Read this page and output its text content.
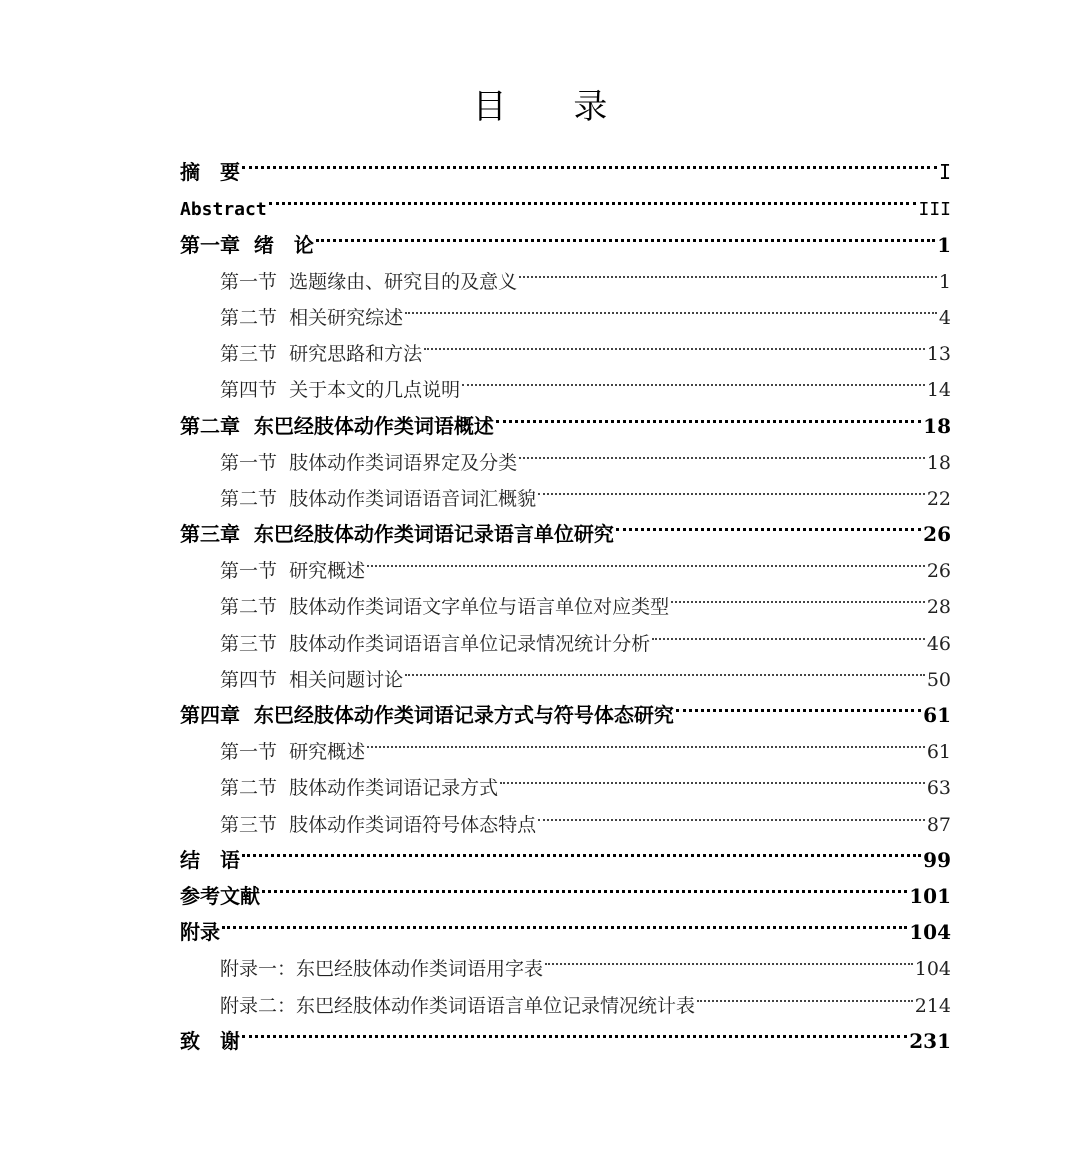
目 录
摘　要	I
Abstract	III
第一章  绪　论	1
第一节  选题缘由、研究目的及意义	1
第二节  相关研究综述	4
第三节  研究思路和方法	13
第四节  关于本文的几点说明	14
第二章  东巴经肢体动作类词语概述	18
第一节  肢体动作类词语界定及分类	18
第二节  肢体动作类词语语音词汇概貌	22
第三章  东巴经肢体动作类词语记录语言单位研究	26
第一节  研究概述	26
第二节  肢体动作类词语文字单位与语言单位对应类型	28
第三节  肢体动作类词语语言单位记录情况统计分析	46
第四节  相关问题讨论	50
第四章  东巴经肢体动作类词语记录方式与符号体态研究	61
第一节  研究概述	61
第二节  肢体动作类词语记录方式	63
第三节  肢体动作类词语符号体态特点	87
结　语	99
参考文献	101
附录	104
附录一：东巴经肢体动作类词语用字表	104
附录二：东巴经肢体动作类词语语言单位记录情况统计表	214
致　谢	231
